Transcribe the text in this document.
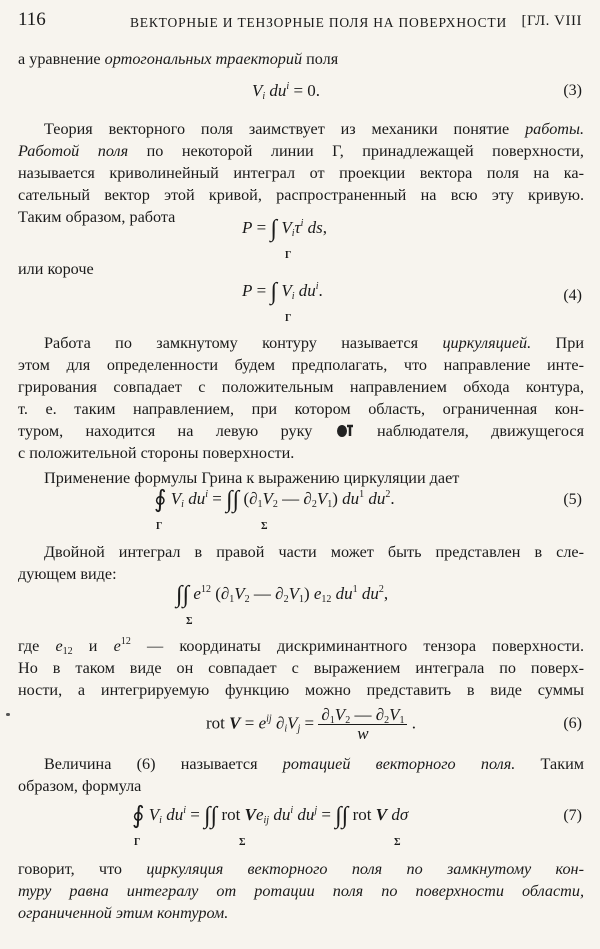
116	ВЕКТОРНЫЕ И ТЕНЗОРНЫЕ ПОЛЯ НА ПОВЕРХНОСТИ [ГЛ. VIII
а уравнение ортогональных траекторий поля
$V_i$ $du^i = 0$.	(3)
Теория векторного поля заимствует из механики понятие работы.
Работой поля по некоторой линии Г, принадлежащей поверхности,
называется криволинейный интеграл от проекции вектора поля на ка-
сательный вектор этой кривой, распространенный на всю эту кривую.
Таким образом, работа
P = ∫ $V_i\tau^i$ ds,
Г
или короче
P = ∫ $V_i$ $du^i$.
Г
(4)
Работа по замкнутому контуру называется циркуляцией. При
этом для определенности будем предполагать, что направление инте-
грирования совпадает с положительным направлением обхода контура,
т. е. таким направлением, при котором область, ограниченная кон-
туром, находится на левую руку	наблюдателя, движущегося
с положительной стороны поверхности.
Применение формулы Грина к выражению циркуляции дает
∮ $V_i$ $du^i$ = ∫∫ ($\partial_1V_2$ — $\partial_2V_1$) $du^1$ $du^2$.
Г	Σ
(5)
Двойной интеграл в правой части может быть представлен в сле-
дующем виде:
∫∫ $e^{12}$ ($\partial_1V_2$ — $\partial_2V_1$) $e_{12}$ $du^1$ $du^2$,
Σ
где $e_{12}$ и $e^{12}$ — координаты дискриминантного тензора поверхности.
Но в таком виде он совпадает с выражением интеграла по поверх-
ности, а интегрируемую функцию можно представить в виде суммы
rot $V = e^{ij}$ $\partial_iV_j = \frac{\partial_1V_2 — \partial_2V_1}{w}$ .	(6)
Величина (6) называется ротацией векторного поля. Таким
образом, формула
∮ $V_i$ $du^i$ = ∫∫ rot $Ve_{ij}$ $du^i$ $du^j$ = ∫∫ rot V dσ
Г	Σ	Σ
(7)
говорит, что циркуляция векторного поля по замкнутому кон-
туру равна интегралу от ротации поля по поверхности области,
ограниченной этим контуром.
